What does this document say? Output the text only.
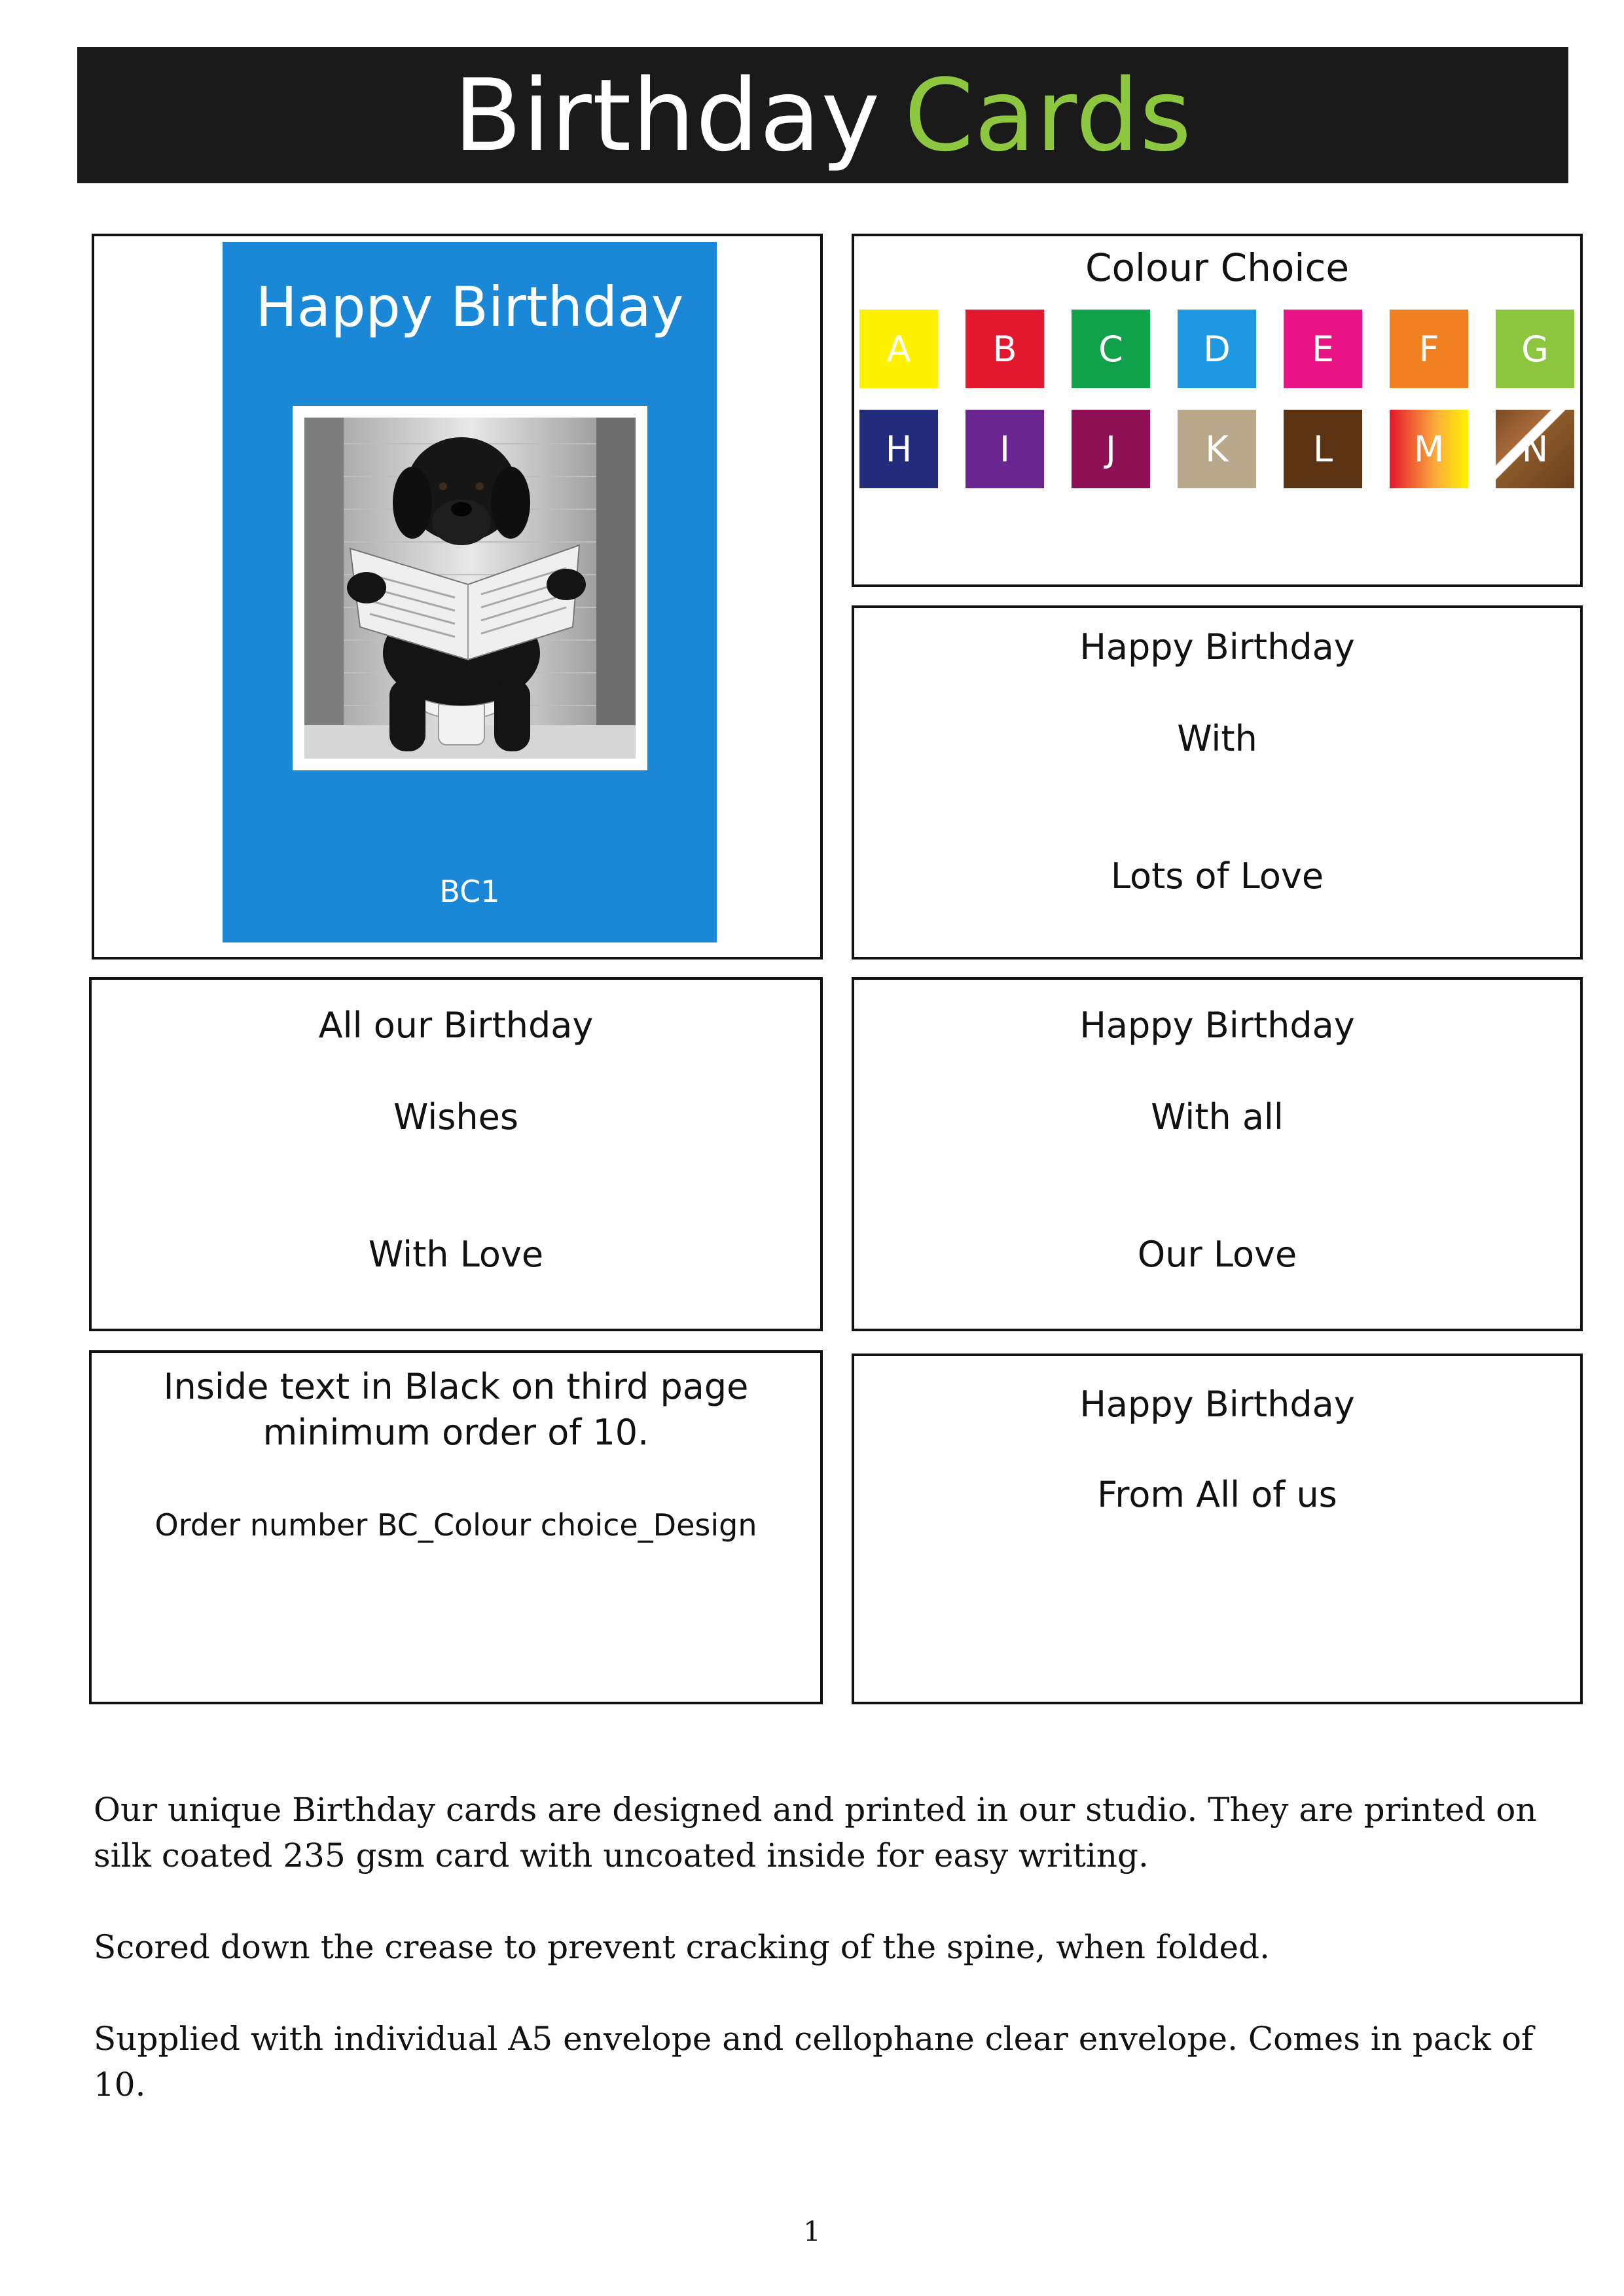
Birthday Cards
Happy Birthday
BC1
Colour Choice
A B C D E F G
H I	J	K L M N
Happy Birthday
With
Lots of Love
All our Birthday
Wishes
With Love
Happy Birthday
With all
Our Love
Inside text in Black on third page
minimum order of 10.
Order number BC_Colour choice_Design
Happy Birthday
From All of us
Our unique Birthday cards are designed and printed in our studio. They are printed on silk coated 235 gsm card with uncoated inside for easy writing.
Scored down the crease to prevent cracking of the spine, when folded.
Supplied with individual A5 envelope and cellophane clear envelope. Comes in pack of 10.
1
